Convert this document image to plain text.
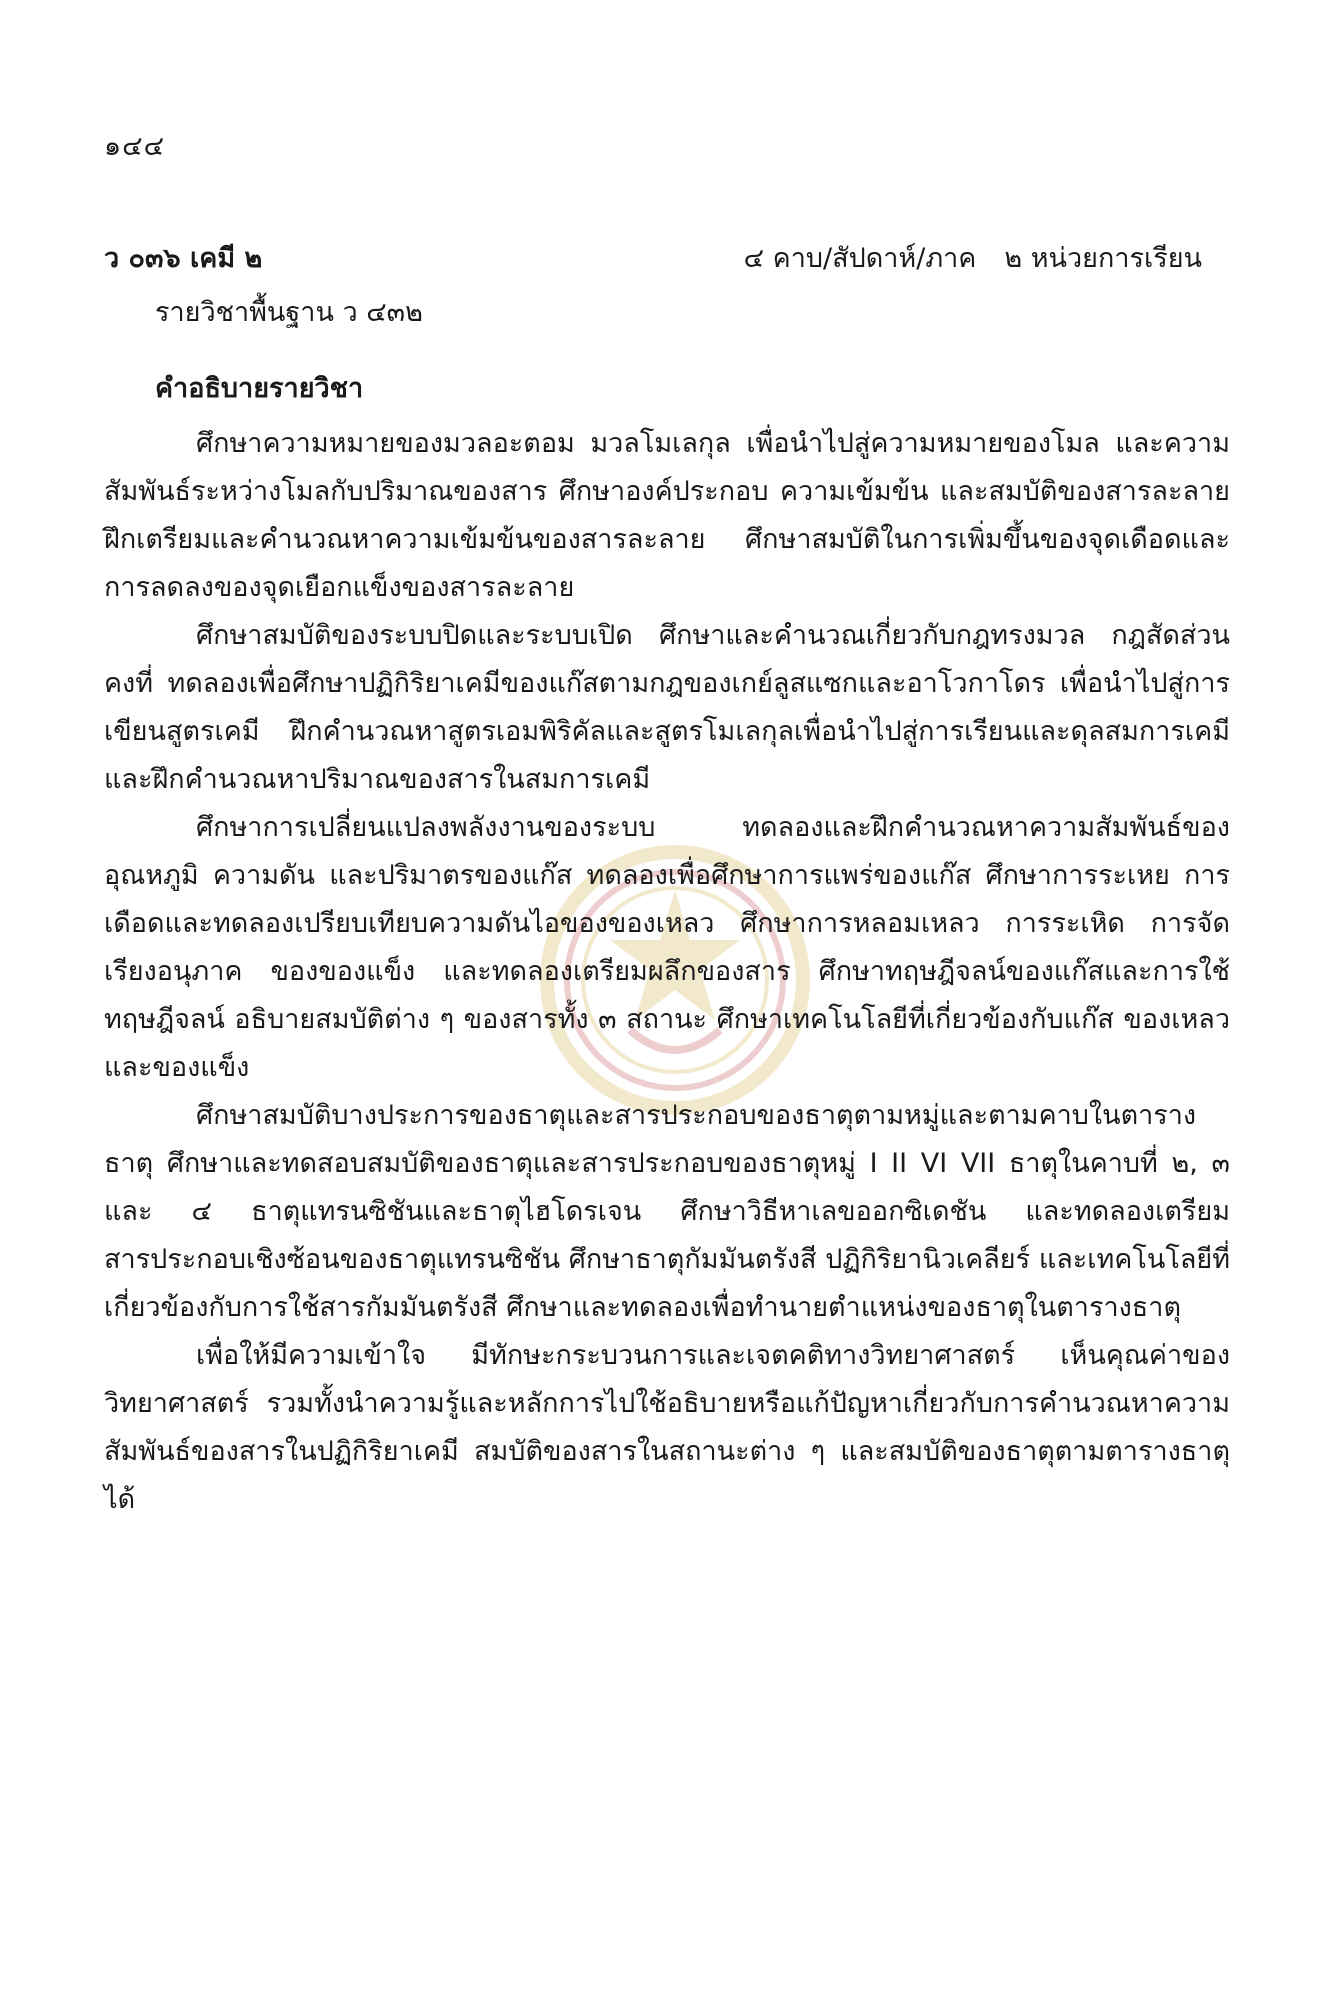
๑๔๔
ว ๐๓๖ เคมี ๒	๔ คาบ/สัปดาห์/ภาค ๒ หน่วยการเรียน
รายวิชาพื้นฐาน ว ๔๓๒
คำอธิบายรายวิชา

ศึกษาความหมายของมวลอะตอม มวลโมเลกุล เพื่อนำไปสู่ความหมายของโมล และความสัมพันธ์ระหว่างโมลกับปริมาณของสาร ศึกษาองค์ประกอบ ความเข้มข้น และสมบัติของสารละลาย ฝึกเตรียมและคำนวณหาความเข้มข้นของสารละลาย ศึกษาสมบัติในการเพิ่มขึ้นของจุดเดือดและการลดลงของจุดเยือกแข็งของสารละลาย

ศึกษาสมบัติของระบบปิดและระบบเปิด ศึกษาและคำนวณเกี่ยวกับกฎทรงมวล กฎสัดส่วนคงที่ ทดลองเพื่อศึกษาปฏิกิริยาเคมีของแก๊สตามกฎของเกย์ลูสแซกและอาโวกาโดร เพื่อนำไปสู่การเขียนสูตรเคมี ฝึกคำนวณหาสูตรเอมพิริคัลและสูตรโมเลกุลเพื่อนำไปสู่การเรียนและดุลสมการเคมีและฝึกคำนวณหาปริมาณของสารในสมการเคมี

ศึกษาการเปลี่ยนแปลงพลังงานของระบบ ทดลองและฝึกคำนวณหาความสัมพันธ์ของอุณหภูมิ ความดัน และปริมาตรของแก๊ส ทดลองเพื่อศึกษาการแพร่ของแก๊ส ศึกษาการระเหย การเดือดและทดลองเปรียบเทียบความดันไอของของเหลว ศึกษาการหลอมเหลว การระเหิด การจัดเรียงอนุภาค ของของแข็ง และทดลองเตรียมผลึกของสาร ศึกษาทฤษฎีจลน์ของแก๊สและการใช้ทฤษฎีจลน์ อธิบายสมบัติต่าง ๆ ของสารทั้ง ๓ สถานะ ศึกษาเทคโนโลยีที่เกี่ยวข้องกับแก๊ส ของเหลว และของแข็ง

ศึกษาสมบัติบางประการของธาตุและสารประกอบของธาตุตามหมู่และตามคาบในตารางธาตุ ศึกษาและทดสอบสมบัติของธาตุและสารประกอบของธาตุหมู่ I II VI VII ธาตุในคาบที่ ๒, ๓ และ ๔ ธาตุแทรนซิชันและธาตุไฮโดรเจน ศึกษาวิธีหาเลขออกซิเดชัน และทดลองเตรียมสารประกอบเชิงซ้อนของธาตุแทรนซิชัน ศึกษาธาตุกัมมันตรังสี ปฏิกิริยานิวเคลียร์ และเทคโนโลยีที่เกี่ยวข้องกับการใช้สารกัมมันตรังสี ศึกษาและทดลองเพื่อทำนายตำแหน่งของธาตุในตารางธาตุ

เพื่อให้มีความเข้าใจ มีทักษะกระบวนการและเจตคติทางวิทยาศาสตร์ เห็นคุณค่าของวิทยาศาสตร์ รวมทั้งนำความรู้และหลักการไปใช้อธิบายหรือแก้ปัญหาเกี่ยวกับการคำนวณหาความสัมพันธ์ของสารในปฏิกิริยาเคมี สมบัติของสารในสถานะต่าง ๆ และสมบัติของธาตุตามตารางธาตุได้
